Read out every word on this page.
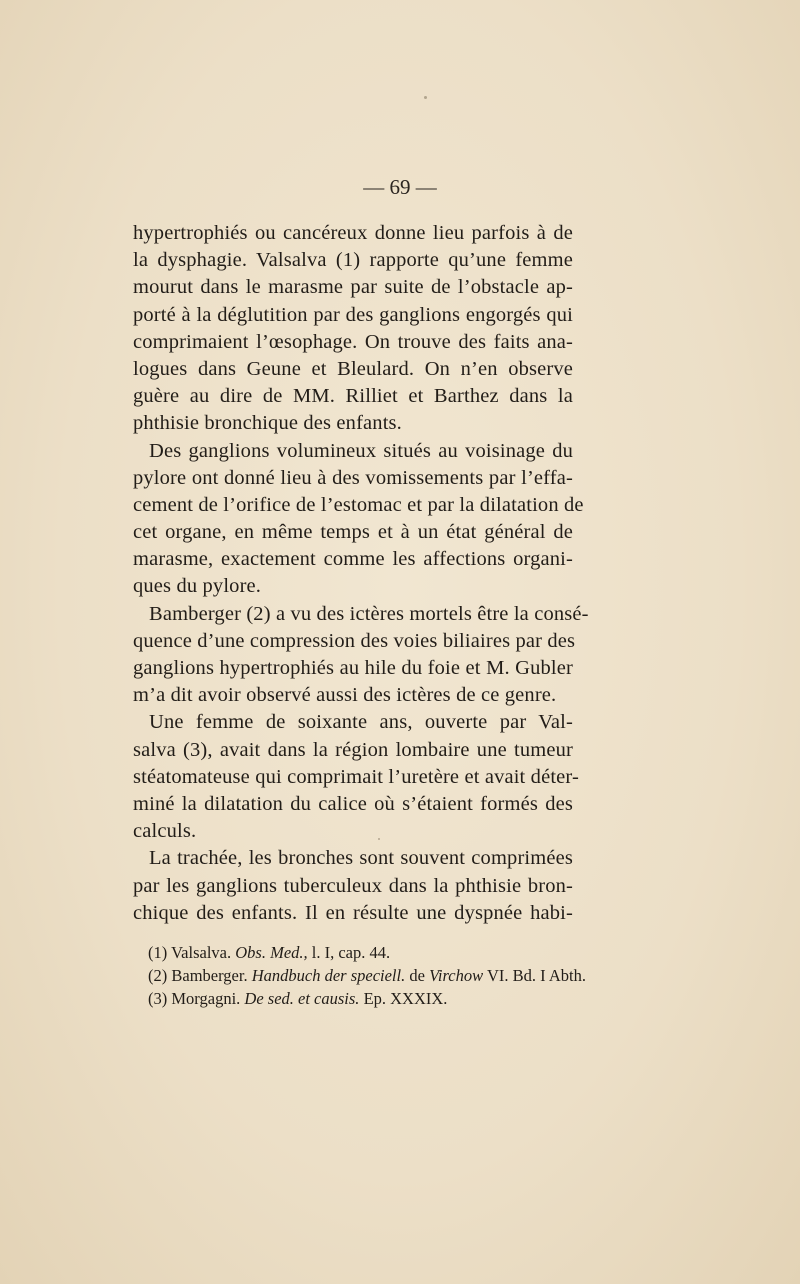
— 69 —
hypertrophiés ou cancéreux donne lieu parfois à de
la dysphagie. Valsalva (1) rapporte qu’une femme
mourut dans le marasme par suite de l’obstacle ap-
porté à la déglutition par des ganglions engorgés qui
comprimaient l’œsophage. On trouve des faits ana-
logues dans Geune et Bleulard. On n’en observe
guère au dire de MM. Rilliet et Barthez dans la
phthisie bronchique des enfants.
Des ganglions volumineux situés au voisinage du
pylore ont donné lieu à des vomissements par l’effa-
cement de l’orifice de l’estomac et par la dilatation de
cet organe, en même temps et à un état général de
marasme, exactement comme les affections organi-
ques du pylore.
Bamberger (2) a vu des ictères mortels être la consé-
quence d’une compression des voies biliaires par des
ganglions hypertrophiés au hile du foie et M. Gubler
m’a dit avoir observé aussi des ictères de ce genre.
Une femme de soixante ans, ouverte par Val-
salva (3), avait dans la région lombaire une tumeur
stéatomateuse qui comprimait l’uretère et avait déter-
miné la dilatation du calice où s’étaient formés des
calculs.
La trachée, les bronches sont souvent comprimées
par les ganglions tuberculeux dans la phthisie bron-
chique des enfants. Il en résulte une dyspnée habi-
(1) Valsalva. Obs. Med., l. I, cap. 44.
(2) Bamberger. Handbuch der speciell. de Virchow VI. Bd. I Abth.
(3) Morgagni. De sed. et causis. Ep. XXXIX.
